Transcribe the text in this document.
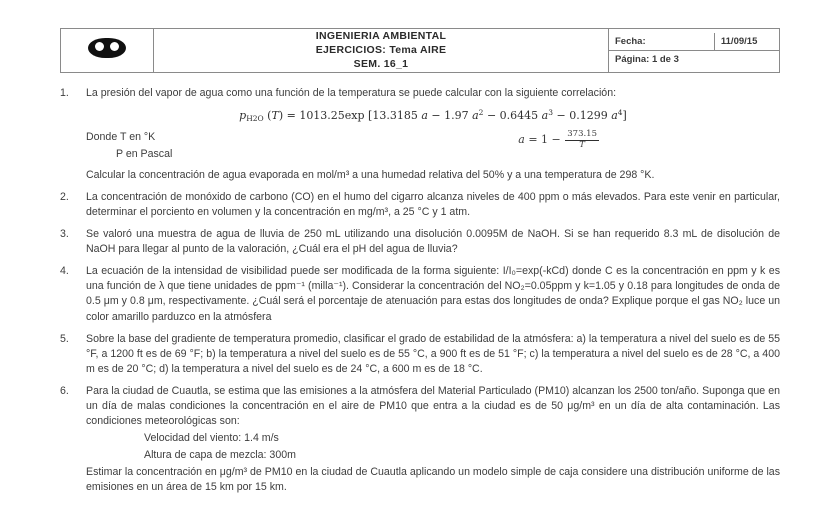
INGENIERIA AMBIENTAL
EJERCICIOS: Tema AIRE
SEM. 16_1

Fecha:	11/09/15
Página: 1 de 3
1.	La presión del vapor de agua como una función de la temperatura se puede calcular con la siguiente correlación:

$p_{H2O}$ (T) = 1013.25exp [13.3185 a − 1.97 $a^2 - 0.6445$ $a^3 - 0.1299$ $a^4$]

Donde T en °K

P en Pascal

$a = 1 - \frac{373.15}{T}$

Calcular la concentración de agua evaporada en mol/m³ a una humedad relativa del 50% y a una temperatura de 298 °K.

2.	La concentración de monóxido de carbono (CO) en el humo del cigarro alcanza niveles de 400 ppm o más elevados. Para este venir en particular, determinar el porciento en volumen y la concentración en mg/m³, a 25 °C y 1 atm.

3.	Se valoró una muestra de agua de lluvia de 250 mL utilizando una disolución 0.0095M de NaOH. Si se han requerido 8.3 mL de disolución de NaOH para llegar al punto de la valoración, ¿Cuál era el pH del agua de lluvia?

4.	La ecuación de la intensidad de visibilidad puede ser modificada de la forma siguiente: I/I₀=exp(-kCd) donde C es la concentración en ppm y k es una función de λ que tiene unidades de ppm⁻¹ (milla⁻¹). Considerar la concentración del NO₂=0.05ppm y k=1.05 y 0.18 para longitudes de onda de 0.5 μm y 0.8 μm, respectivamente. ¿Cuál será el porcentaje de atenuación para estas dos longitudes de onda? Explique porque el gas NO₂ luce un color amarillo parduzco en la atmósfera

5.	Sobre la base del gradiente de temperatura promedio, clasificar el grado de estabilidad de la atmósfera: a) la temperatura a nivel del suelo es de 55 °F, a 1200 ft es de 69 °F; b) la temperatura a nivel del suelo es de 55 °C, a 900 ft es de 51 °F; c) la temperatura a nivel del suelo es de 28 °C, a 400 m es de 20 °C; d) la temperatura a nivel del suelo es de 24 °C, a 600 m es de 18 °C.

6.	Para la ciudad de Cuautla, se estima que las emisiones a la atmósfera del Material Particulado (PM10) alcanzan los 2500 ton/año. Suponga que en un día de malas condiciones la concentración en el aire de PM10 que entra a la ciudad es de 50 μg/m³ en un día de alta contaminación. Las condiciones meteorológicas son:

Velocidad del viento: 1.4 m/s

Altura de capa de mezcla: 300m

Estimar la concentración en μg/m³ de PM10 en la ciudad de Cuautla aplicando un modelo simple de caja considere una distribución uniforme de las emisiones en un área de 15 km por 15 km.
